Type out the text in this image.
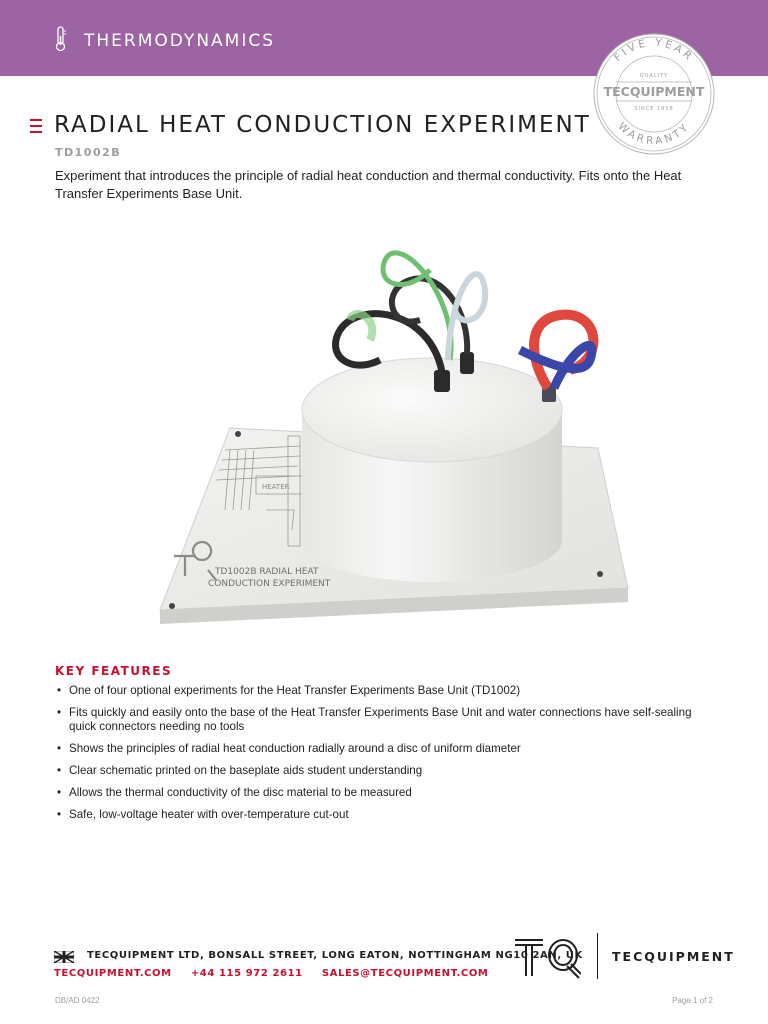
THERMODYNAMICS
FIVE YEAR
WARRANTY
QUALITY
TECQUIPMENT
SINCE 1958
RADIAL HEAT CONDUCTION EXPERIMENT
TD1002B

Experiment that introduces the principle of radial heat conduction and thermal conductivity. Fits onto the Heat Transfer Experiments Base Unit.

HEATER
TD1002B RADIAL HEAT
CONDUCTION EXPERIMENT
KEY FEATURES
• One of four optional experiments for the Heat Transfer Experiments Base Unit (TD1002)
• Fits quickly and easily onto the base of the Heat Transfer Experiments Base Unit and water connections have self-sealing quick connectors needing no tools
• Shows the principles of radial heat conduction radially around a disc of uniform diameter
• Clear schematic printed on the baseplate aids student understanding
• Allows the thermal conductivity of the disc material to be measured
• Safe, low-voltage heater with over-temperature cut-out
TECQUIPMENT LTD, BONSALL STREET, LONG EATON, NOTTINGHAM NG10 2AN, UK
TECQUIPMENT.COM +44 115 972 2611 SALES@TECQUIPMENT.COM
TECQUIPMENT
DB/AD 0422	Page 1 of 2
